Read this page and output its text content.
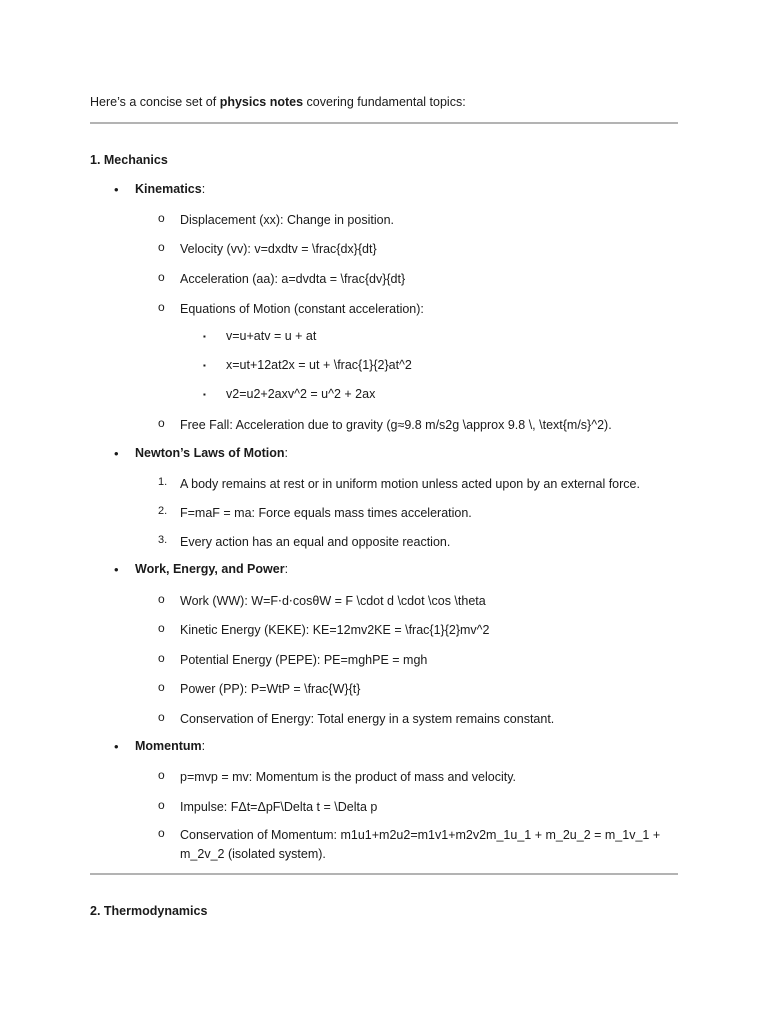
Here’s a concise set of physics notes covering fundamental topics:
1. Mechanics
• Kinematics:
o Displacement (xx): Change in position.
o Velocity (vv): v=dxdtv = \frac{dx}{dt}
o Acceleration (aa): a=dvdta = \frac{dv}{dt}
o Equations of Motion (constant acceleration):
▪ v=u+atv = u + at
▪ x=ut+12at2x = ut + \frac{1}{2}at^2
▪ v2=u2+2axv^2 = u^2 + 2ax
o Free Fall: Acceleration due to gravity (g≈9.8 m/s2g \approx 9.8 \, \text{m/s}^2).
• Newton’s Laws of Motion:
1. A body remains at rest or in uniform motion unless acted upon by an external force.
2. F=maF = ma: Force equals mass times acceleration.
3. Every action has an equal and opposite reaction.
• Work, Energy, and Power:
o Work (WW): W=F⋅d⋅cosθW = F \cdot d \cdot \cos \theta
o Kinetic Energy (KEKE): KE=12mv2KE = \frac{1}{2}mv^2
o Potential Energy (PEPE): PE=mghPE = mgh
o Power (PP): P=WtP = \frac{W}{t}
o Conservation of Energy: Total energy in a system remains constant.
• Momentum:
o p=mvp = mv: Momentum is the product of mass and velocity.
o Impulse: FΔt=ΔpF\Delta t = \Delta p
o Conservation of Momentum: m1u1+m2u2=m1v1+m2v2m_1u_1 + m_2u_2 = m_1v_1 + m_2v_2 (isolated system).
2. Thermodynamics
